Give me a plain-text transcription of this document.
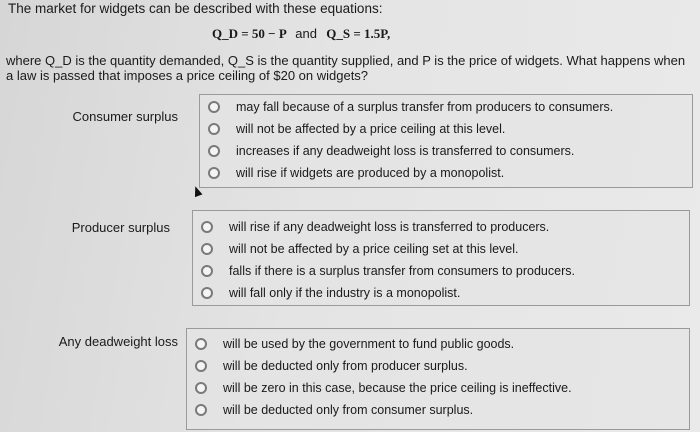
The market for widgets can be described with these equations:
Q_D = 50 − P and Q_S = 1.5P,
where Q_D is the quantity demanded, Q_S is the quantity supplied, and P is the price of widgets. What happens when a law is passed that imposes a price ceiling of $20 on widgets?
Consumer surplus
may fall because of a surplus transfer from producers to consumers.
will not be affected by a price ceiling at this level.
increases if any deadweight loss is transferred to consumers.
will rise if widgets are produced by a monopolist.
Producer surplus	will rise if any deadweight loss is transferred to producers.
will not be affected by a price ceiling set at this level.
falls if there is a surplus transfer from consumers to producers.
will fall only if the industry is a monopolist.
Any deadweight loss	will be used by the government to fund public goods.
will be deducted only from producer surplus.
will be zero in this case, because the price ceiling is ineffective.
will be deducted only from consumer surplus.
